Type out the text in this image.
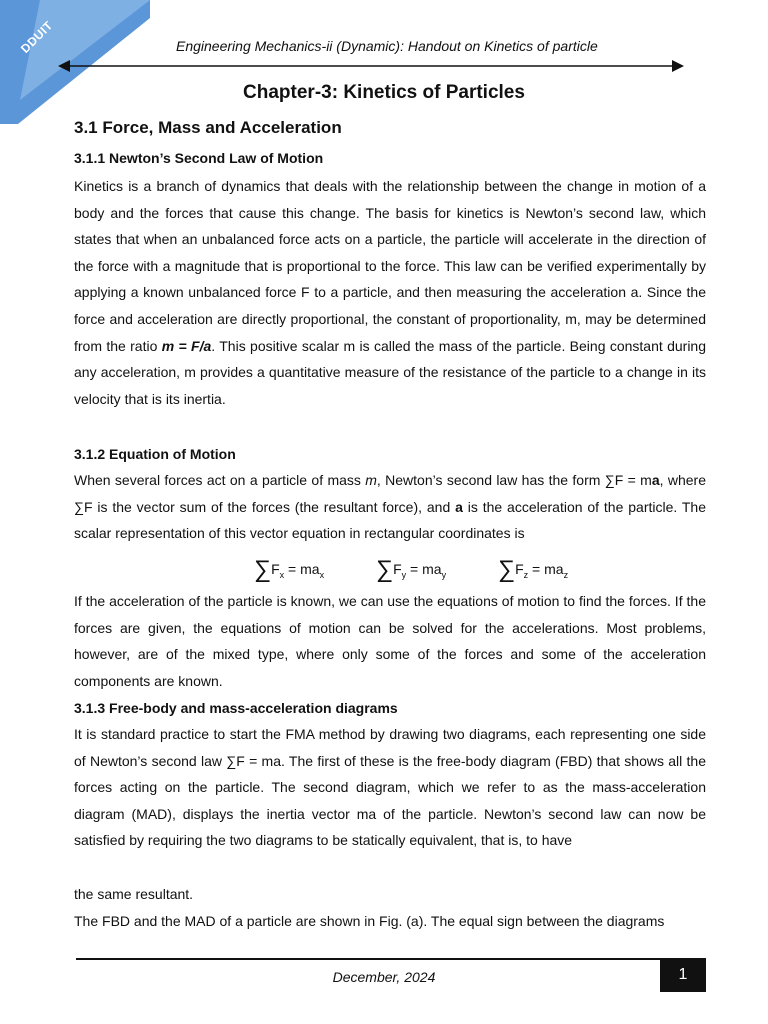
DDUIT	Engineering Mechanics-ii (Dynamic): Handout on Kinetics of particle
Chapter-3: Kinetics of Particles
3.1 Force, Mass and Acceleration
3.1.1 Newton’s Second Law of Motion

Kinetics is a branch of dynamics that deals with the relationship between the change in motion of a body and the forces that cause this change. The basis for kinetics is Newton’s second law, which states that when an unbalanced force acts on a particle, the particle will accelerate in the direction of the force with a magnitude that is proportional to the force. This law can be verified experimentally by applying a known unbalanced force F to a particle, and then measuring the acceleration a. Since the force and acceleration are directly proportional, the constant of proportionality, m, may be determined from the ratio m = F/a. This positive scalar m is called the mass of the particle. Being constant during any acceleration, m provides a quantitative measure of the resistance of the particle to a change in its velocity that is its inertia.

3.1.2 Equation of Motion

When several forces act on a particle of mass m, Newton’s second law has the form ∑F = ma, where ∑F is the vector sum of the forces (the resultant force), and a is the acceleration of the particle. The scalar representation of this vector equation in rectangular coordinates is

$\sum F_x = ma_x$ $\sum F_y = ma_y$ $\sum F_z = ma_z$

If the acceleration of the particle is known, we can use the equations of motion to find the forces. If the forces are given, the equations of motion can be solved for the accelerations. Most problems, however, are of the mixed type, where only some of the forces and some of the acceleration components are known.

3.1.3 Free-body and mass-acceleration diagrams

It is standard practice to start the FMA method by drawing two diagrams, each representing one side of Newton’s second law ∑F = ma. The first of these is the free-body diagram (FBD) that shows all the forces acting on the particle. The second diagram, which we refer to as the mass-acceleration diagram (MAD), displays the inertia vector ma of the particle. Newton’s second law can now be satisfied by requiring the two diagrams to be statically equivalent, that is, to have

the same resultant.

The FBD and the MAD of a particle are shown in Fig. (a). The equal sign between the diagrams

December, 2024	1
